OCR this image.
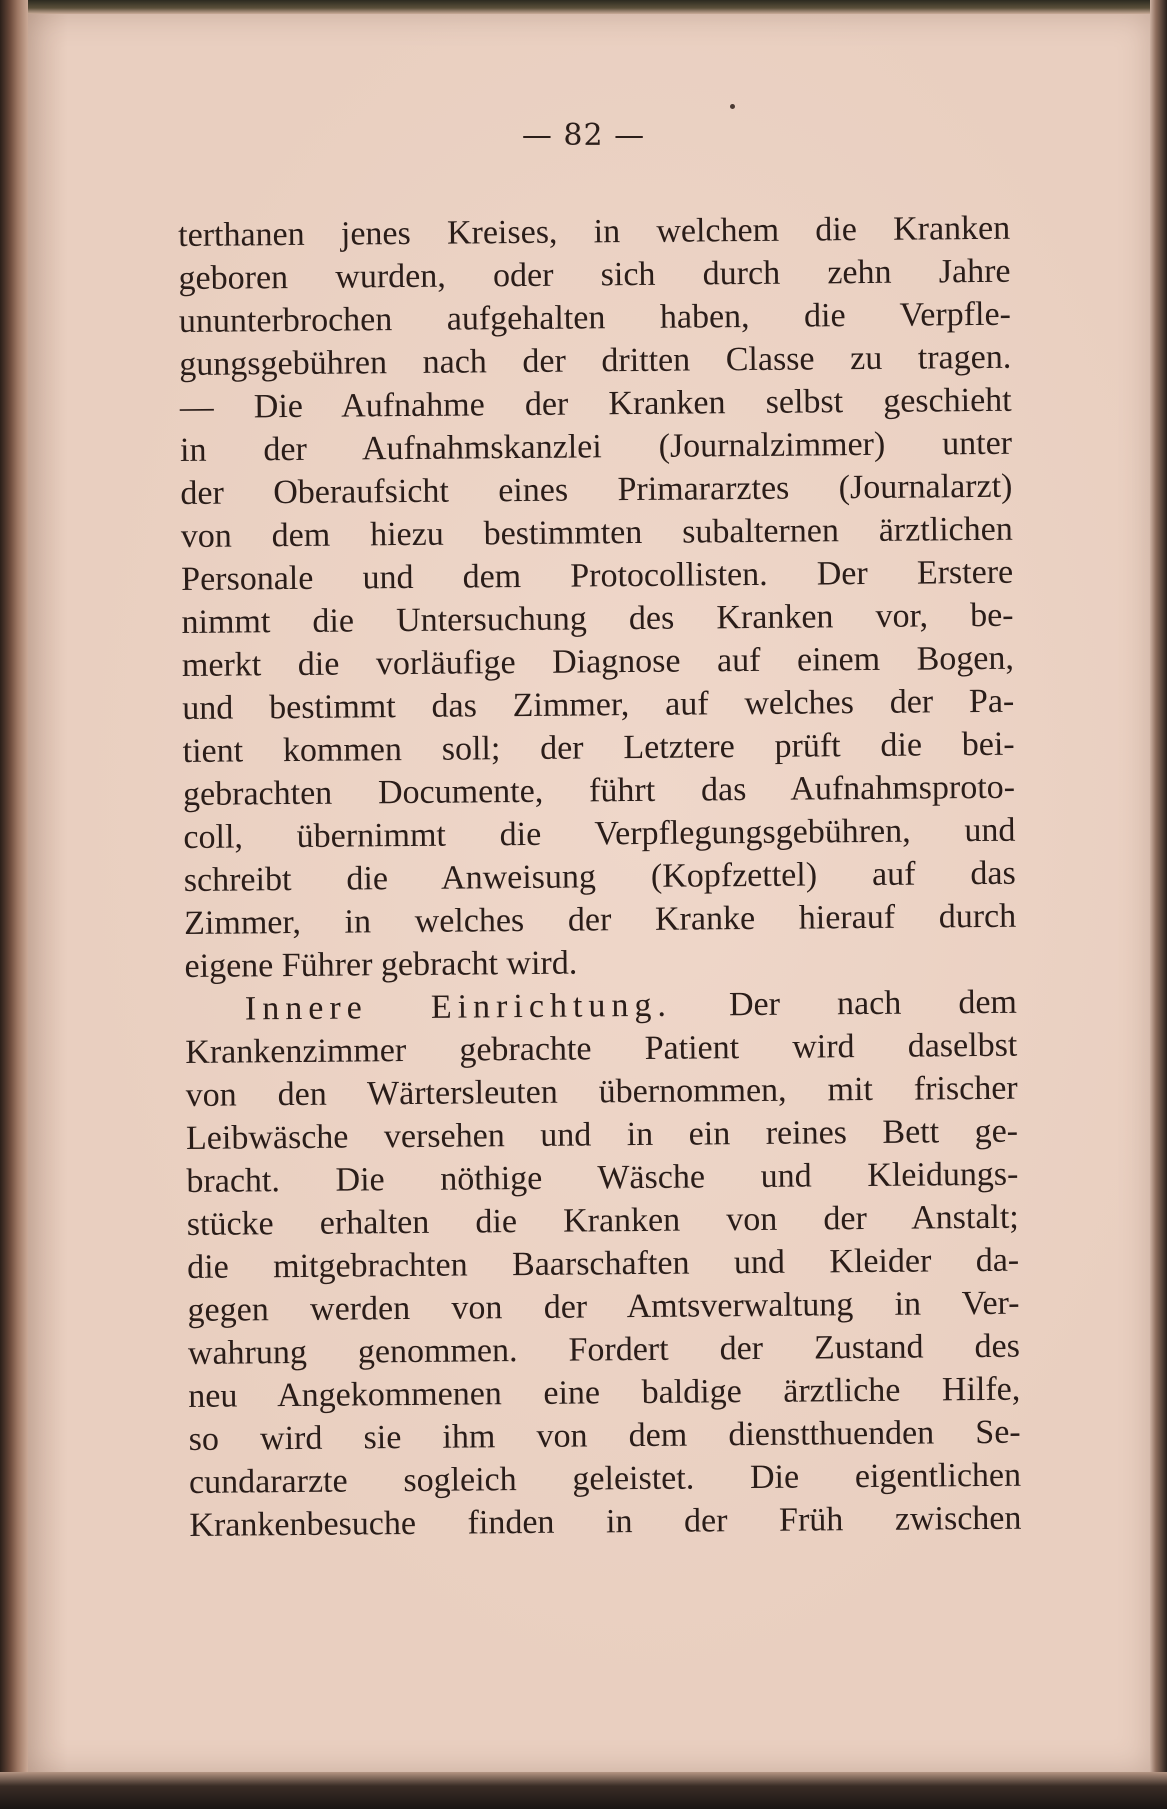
— 82 —
terthanen jenes Kreises, in welchem die Kranken
geboren wurden, oder sich durch zehn Jahre
ununterbrochen aufgehalten haben, die Verpfle-
gungsgebühren nach der dritten Classe zu tragen.
— Die Aufnahme der Kranken selbst geschieht
in der Aufnahmskanzlei (Journalzimmer) unter
der Oberaufsicht eines Primararztes (Journalarzt)
von dem hiezu bestimmten subalternen ärztlichen
Personale und dem Protocollisten. Der Erstere
nimmt die Untersuchung des Kranken vor, be-
merkt die vorläufige Diagnose auf einem Bogen,
und bestimmt das Zimmer, auf welches der Pa-
tient kommen soll; der Letztere prüft die bei-
gebrachten Documente, führt das Aufnahmsproto-
coll, übernimmt die Verpflegungsgebühren, und
schreibt die Anweisung (Kopfzettel) auf das
Zimmer, in welches der Kranke hierauf durch
eigene Führer gebracht wird.
Innere Einrichtung. Der nach dem
Krankenzimmer gebrachte Patient wird daselbst
von den Wärtersleuten übernommen, mit frischer
Leibwäsche versehen und in ein reines Bett ge-
bracht. Die nöthige Wäsche und Kleidungs-
stücke erhalten die Kranken von der Anstalt;
die mitgebrachten Baarschaften und Kleider da-
gegen werden von der Amtsverwaltung in Ver-
wahrung genommen. Fordert der Zustand des
neu Angekommenen eine baldige ärztliche Hilfe,
so wird sie ihm von dem dienstthuenden Se-
cundararzte sogleich geleistet. Die eigentlichen
Krankenbesuche finden in der Früh zwischen
